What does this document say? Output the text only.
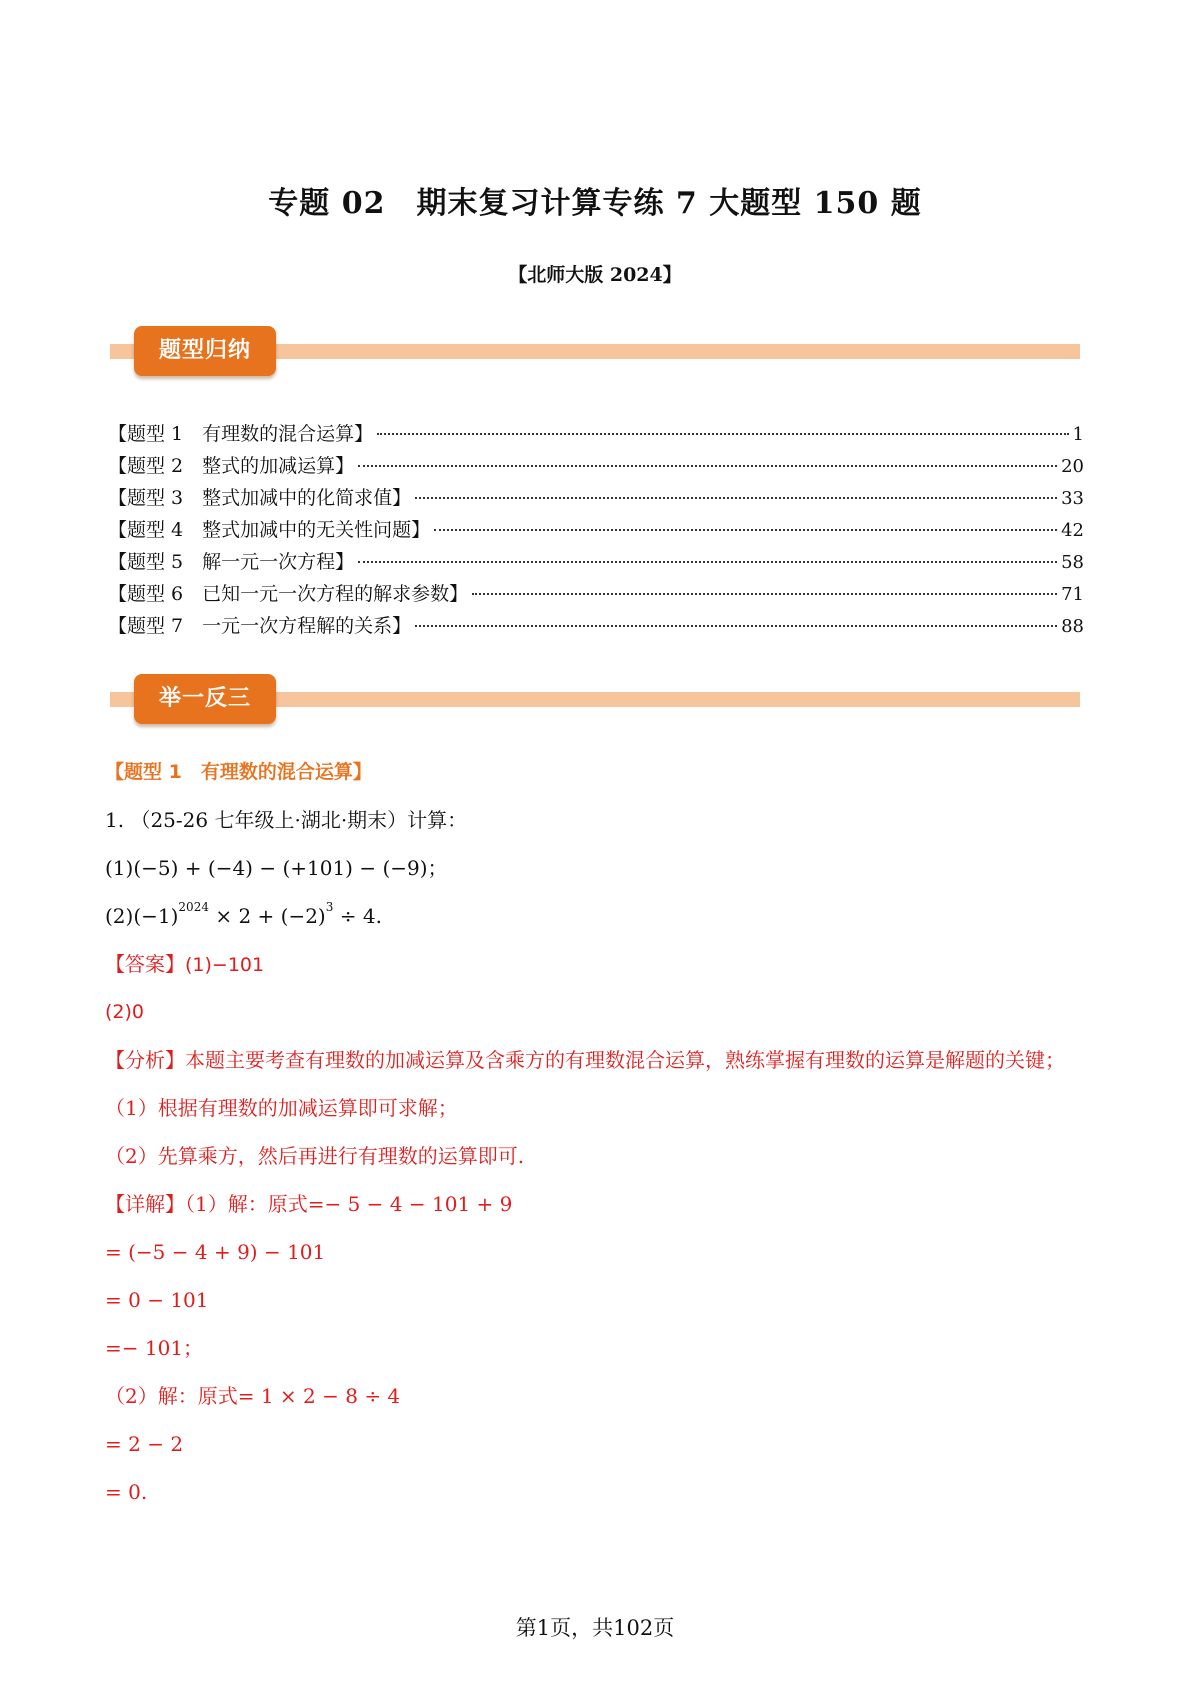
专题 02　期末复习计算专练 7 大题型 150 题
【北师大版 2024】
题型归纳
【题型 1　有理数的混合运算】	1
【题型 2　整式的加减运算】	20
【题型 3　整式加减中的化简求值】	33
【题型 4　整式加减中的无关性问题】	42
【题型 5　解一元一次方程】	58
【题型 6　已知一元一次方程的解求参数】	71
【题型 7　一元一次方程解的关系】	88
举一反三
【题型 1　有理数的混合运算】
1. （25-26 七年级上·湖北·期末）计算：
(1)(−5) + (−4) − (+101) − (−9)；
$(2)(-1)^{2024} \times 2 + (-2)^3 \div 4$.
【答案】(1)−101
(2)0
【分析】本题主要考查有理数的加减运算及含乘方的有理数混合运算，熟练掌握有理数的运算是解题的关键；
（1）根据有理数的加减运算即可求解；
（2）先算乘方，然后再进行有理数的运算即可.
【详解】（1）解：原式=− 5 − 4 − 101 + 9
= (−5 − 4 + 9) − 101
= 0 − 101
=− 101；
（2）解：原式= 1 × 2 − 8 ÷ 4
= 2 − 2
= 0.
第1页，共102页
